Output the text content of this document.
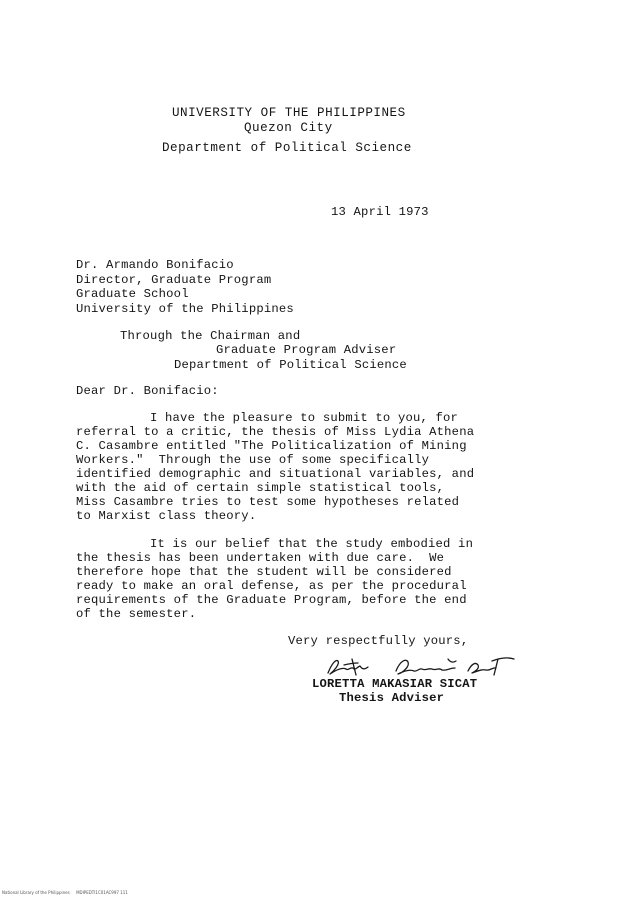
UNIVERSITY OF THE PHILIPPINES
Quezon City
Department of Political Science
13 April 1973
Dr. Armando Bonifacio
Director, Graduate Program
Graduate School
University of the Philippines
Through the Chairman and
Graduate Program Adviser
Department of Political Science
Dear Dr. Bonifacio:
I have the pleasure to submit to you, for
referral to a critic, the thesis of Miss Lydia Athena
C. Casambre entitled "The Politicalization of Mining
Workers."  Through the use of some specifically
identified demographic and situational variables, and
with the aid of certain simple statistical tools,
Miss Casambre tries to test some hypotheses related
to Marxist class theory.
It is our belief that the study embodied in
the thesis has been undertaken with due care.  We
therefore hope that the student will be considered
ready to make an oral defense, as per the procedural
requirements of the Graduate Program, before the end
of the semester.
Very respectfully yours,
LORETTA MAKASIAR SICAT
Thesis Adviser
National Library of the Philippines     MDIPEDTI1C01AC997 111
